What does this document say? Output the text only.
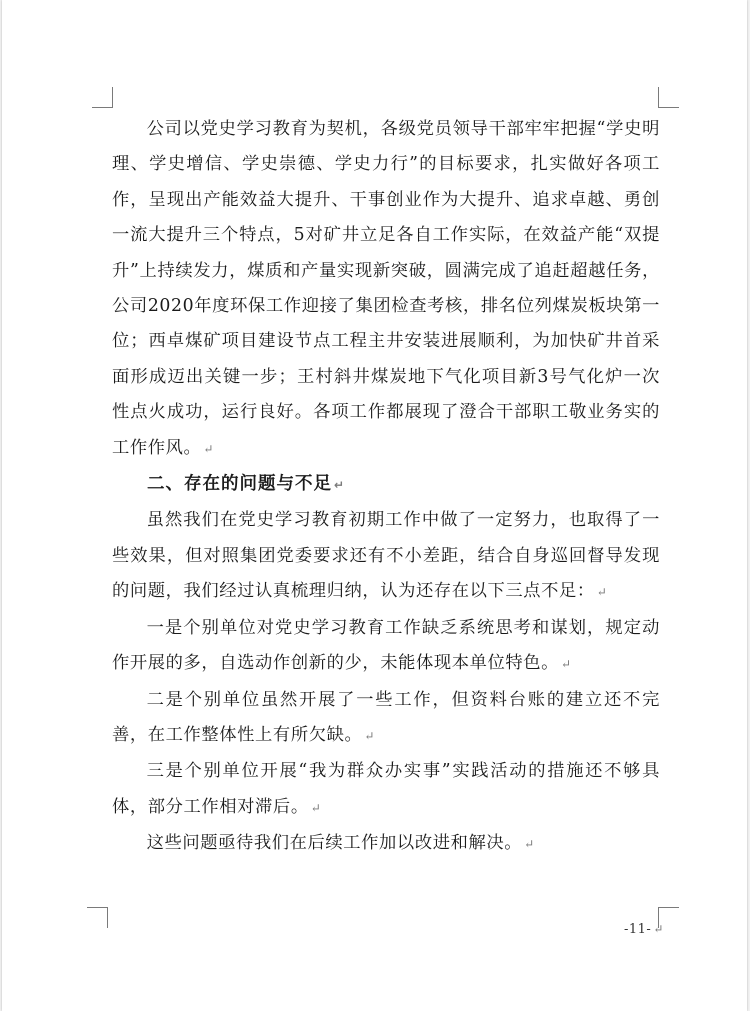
公司以党史学习教育为契机，各级党员领导干部牢牢把握“学史明理、学史增信、学史崇德、学史力行”的目标要求，扎实做好各项工作，呈现出产能效益大提升、干事创业作为大提升、追求卓越、勇创一流大提升三个特点，5对矿井立足各自工作实际，在效益产能“双提升”上持续发力，煤质和产量实现新突破，圆满完成了追赶超越任务，公司2020年度环保工作迎接了集团检查考核，排名位列煤炭板块第一位；西卓煤矿项目建设节点工程主井安装进展顺利，为加快矿井首采面形成迈出关键一步；王村斜井煤炭地下气化项目新3号气化炉一次性点火成功，运行良好。各项工作都展现了澄合干部职工敬业务实的工作作风。 ↵

二、存在的问题与不足 ↵

虽然我们在党史学习教育初期工作中做了一定努力，也取得了一些效果，但对照集团党委要求还有不小差距，结合自身巡回督导发现的问题，我们经过认真梳理归纳，认为还存在以下三点不足： ↵

一是个别单位对党史学习教育工作缺乏系统思考和谋划，规定动作开展的多，自选动作创新的少，未能体现本单位特色。 ↵

二是个别单位虽然开展了一些工作，但资料台账的建立还不完善，在工作整体性上有所欠缺。 ↵

三是个别单位开展“我为群众办实事”实践活动的措施还不够具体，部分工作相对滞后。 ↵

这些问题亟待我们在后续工作加以改进和解决。 ↵

-11- ↵
